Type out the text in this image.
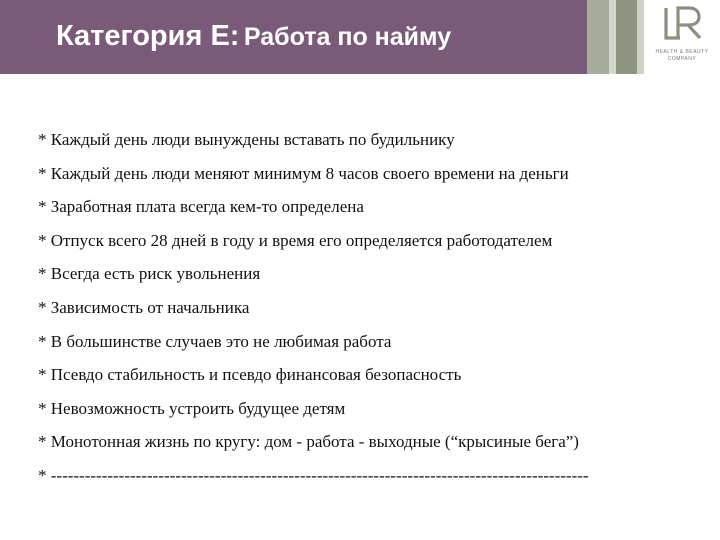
Категория E: Работа по найму
HEALTH & BEAUTY
COMPANY
* Каждый день люди вынуждены вставать по будильнику
* Каждый день люди меняют минимум 8 часов своего времени на деньги
* Заработная плата всегда кем-то определена
* Отпуск всего 28 дней в году и время его определяется работодателем
* Всегда есть риск увольнения
* Зависимость от начальника
* В большинстве случаев это не любимая работа
* Псевдо стабильность и псевдо финансовая безопасность
* Невозможность устроить будущее детям
* Монотонная жизнь по кругу: дом - работа - выходные (“крысиные бега”)
* -----------------------------------------------------------------------------------------------
